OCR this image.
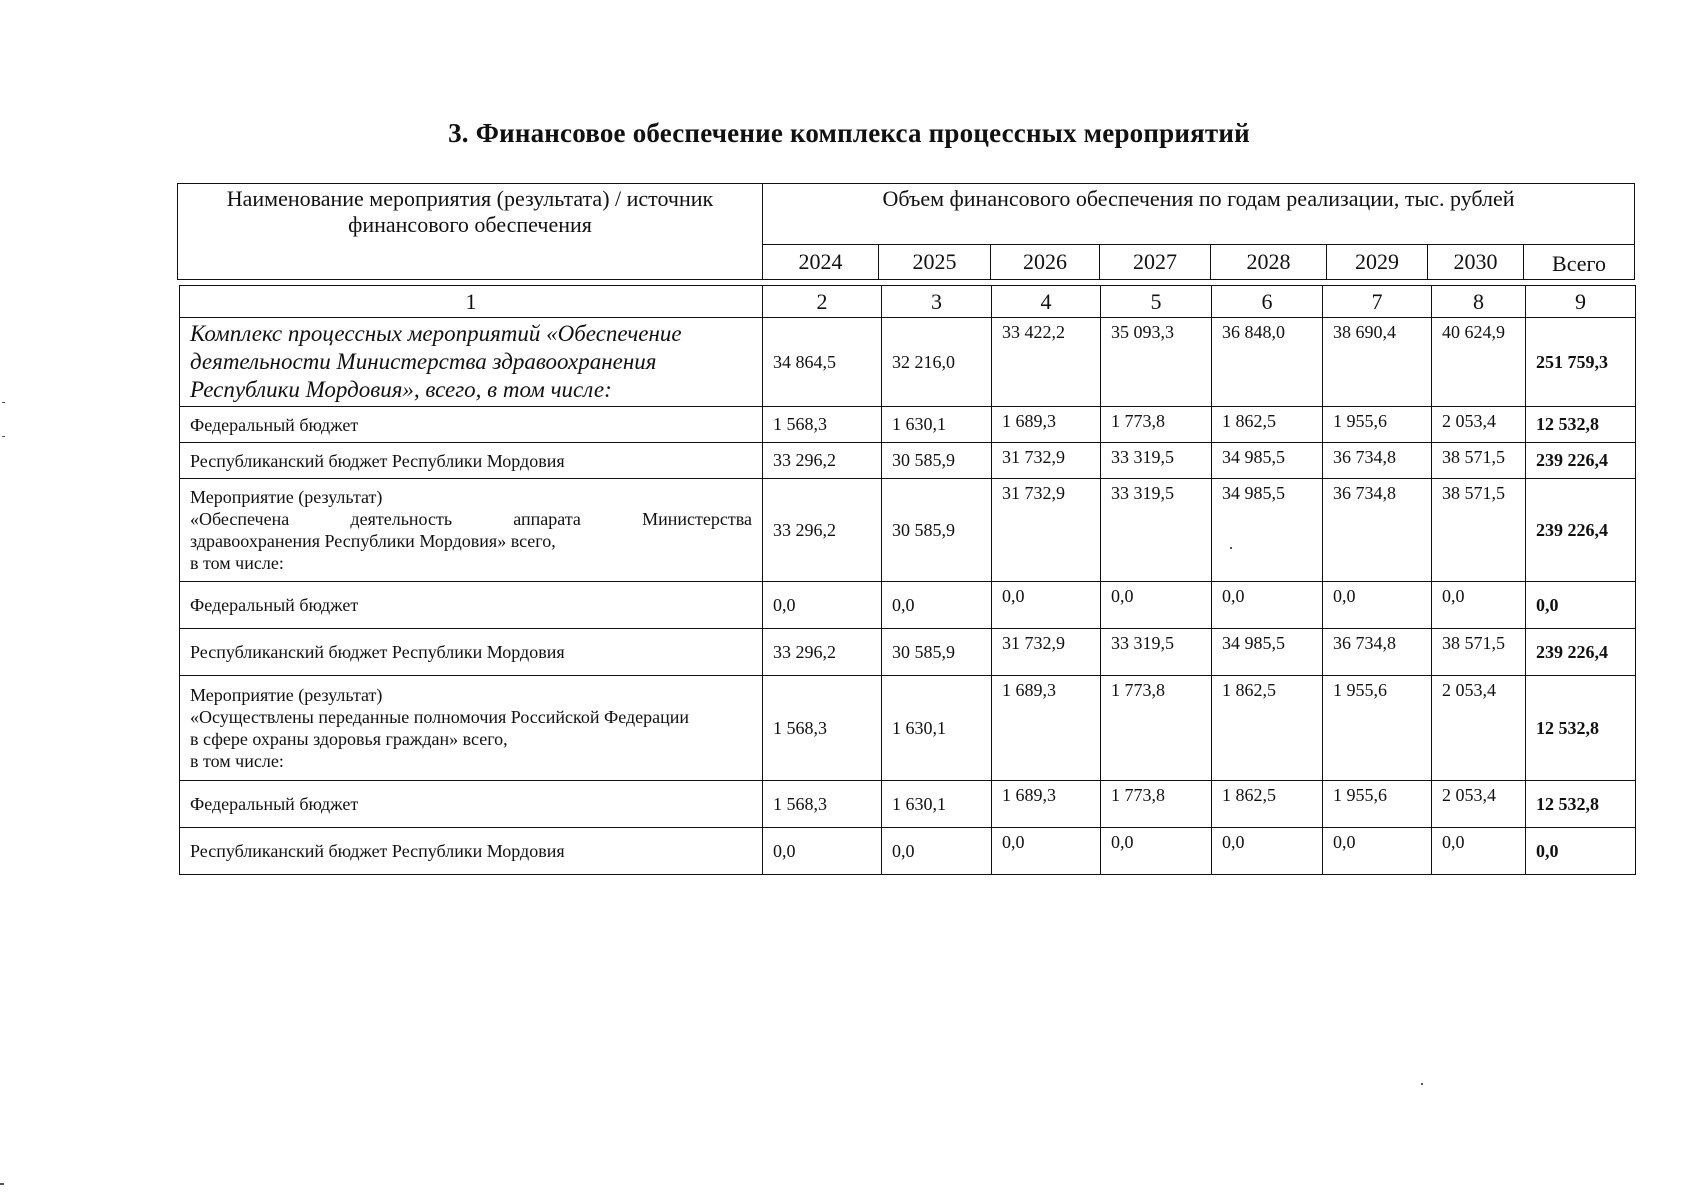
3. Финансовое обеспечение комплекса процессных мероприятий
Наименование мероприятия (результата) / источник финансового обеспечения	Объем финансового обеспечения по годам реализации, тыс. рублей							
	2024	2025	2026	2027	2028	2029	2030	Всего
1	2	3	4	5	6	7	8	9

Комплекс процессных мероприятий «Обеспечение
деятельности Министерства здравоохранения
Республики Мордовия», всего, в том числе:	34 864,5	32 216,0	33 422,2	35 093,3	36 848,0	38 690,4	40 624,9	251 759,3
Федеральный бюджет	1 568,3	1 630,1	1 689,3	1 773,8	1 862,5	1 955,6	2 053,4	12 532,8
Республиканский бюджет Республики Мордовия	33 296,2	30 585,9	31 732,9	33 319,5	34 985,5	36 734,8	38 571,5	239 226,4

Мероприятие (результат)
«Обеспечена деятельность аппарата Министерства
здравоохранения Республики Мордовия» всего,
в том числе:	33 296,2	30 585,9	31 732,9	33 319,5	34 985,5	36 734,8	38 571,5	239 226,4
Федеральный бюджет	0,0	0,0	0,0	0,0	0,0	0,0	0,0	0,0
Республиканский бюджет Республики Мордовия	33 296,2	30 585,9	31 732,9	33 319,5	34 985,5	36 734,8	38 571,5	239 226,4

Мероприятие (результат)
«Осуществлены переданные полномочия Российской Федерации
в сфере охраны здоровья граждан» всего,
в том числе:	1 568,3	1 630,1	1 689,3	1 773,8	1 862,5	1 955,6	2 053,4	12 532,8
Федеральный бюджет	1 568,3	1 630,1	1 689,3	1 773,8	1 862,5	1 955,6	2 053,4	12 532,8
Республиканский бюджет Республики Мордовия	0,0	0,0	0,0	0,0	0,0	0,0	0,0	0,0
